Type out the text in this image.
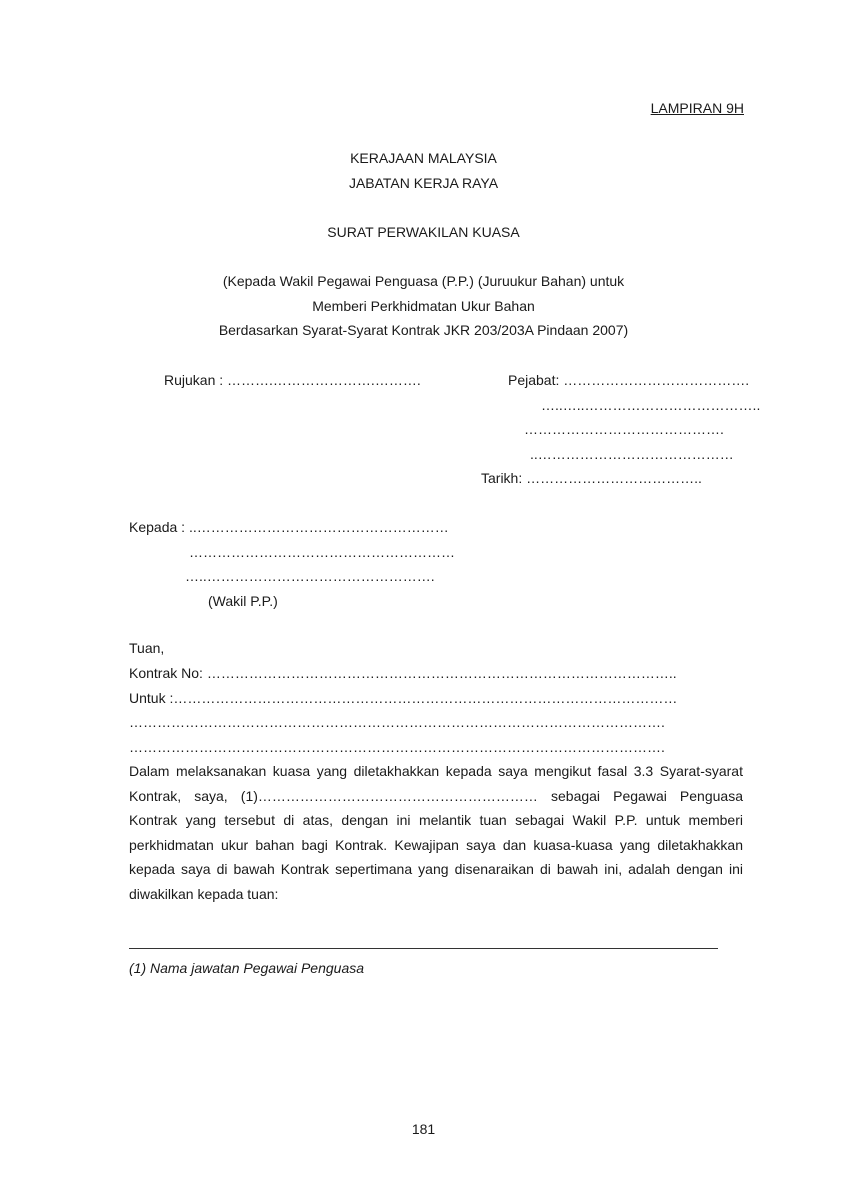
LAMPIRAN 9H
KERAJAAN MALAYSIA
JABATAN KERJA RAYA
SURAT PERWAKILAN KUASA
(Kepada Wakil Pegawai Penguasa (P.P.) (Juruukur Bahan) untuk
Memberi Perkhidmatan Ukur Bahan
Berdasarkan Syarat-Syarat Kontrak JKR 203/203A Pindaan 2007)
Rujukan : ……….………………….……….	Pejabat: ………………………………….
…..…..………………………………..
…………………………………….
..……………………………………
Tarikh: ………………………………..
Kepada : ..………………………………………………
…………………………………………………
…..………………………………………….
(Wakil P.P.)
Tuan,
Kontrak No: ………………………………………………………………………………………..
Untuk :………………………………………………………………………………………………
…………………………………………………………………………………………………….
…………………………………………………………………………………………………….
Dalam melaksanakan kuasa yang diletakhakkan kepada saya mengikut fasal 3.3 Syarat-syarat
Kontrak, saya, (1)…………………………………………………… sebagai Pegawai Penguasa
Kontrak yang tersebut di atas, dengan ini melantik tuan sebagai Wakil P.P. untuk memberi
perkhidmatan ukur bahan bagi Kontrak. Kewajipan saya dan kuasa-kuasa yang diletakhakkan
kepada saya di bawah Kontrak sepertimana yang disenaraikan di bawah ini, adalah dengan ini
diwakilkan kepada tuan:
(1) Nama jawatan Pegawai Penguasa
181
